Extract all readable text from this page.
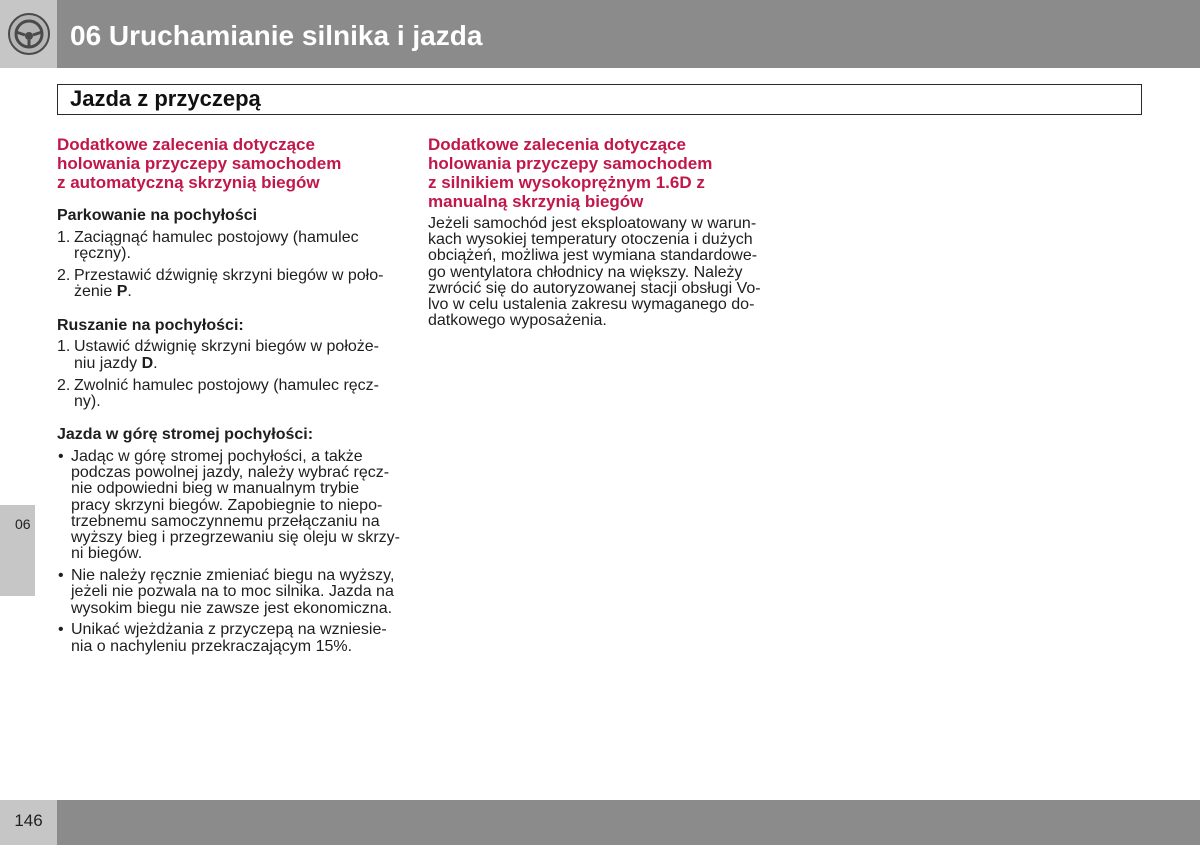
06 Uruchamianie silnika i jazda
Jazda z przyczepą
Dodatkowe zalecenia dotyczące
holowania przyczepy samochodem
z automatyczną skrzynią biegów
Parkowanie na pochyłości
1. Zaciągnąć hamulec postojowy (hamulec
ręczny).
2. Przestawić dźwignię skrzyni biegów w poło-
żenie P.
Ruszanie na pochyłości:
1. Ustawić dźwignię skrzyni biegów w położe-
niu jazdy D.
2. Zwolnić hamulec postojowy (hamulec ręcz-
ny).
Jazda w górę stromej pochyłości:
• Jadąc w górę stromej pochyłości, a także
podczas powolnej jazdy, należy wybrać ręcz-
nie odpowiedni bieg w manualnym trybie
pracy skrzyni biegów. Zapobiegnie to niepo-
trzebnemu samoczynnemu przełączaniu na
wyższy bieg i przegrzewaniu się oleju w skrzy-
ni biegów.
• Nie należy ręcznie zmieniać biegu na wyższy,
jeżeli nie pozwala na to moc silnika. Jazda na
wysokim biegu nie zawsze jest ekonomiczna.
• Unikać wjeżdżania z przyczepą na wzniesie-
nia o nachyleniu przekraczającym 15%.
Dodatkowe zalecenia dotyczące
holowania przyczepy samochodem
z silnikiem wysokoprężnym 1.6D z
manualną skrzynią biegów
Jeżeli samochód jest eksploatowany w warun-
kach wysokiej temperatury otoczenia i dużych
obciążeń, możliwa jest wymiana standardowe-
go wentylatora chłodnicy na większy. Należy
zwrócić się do autoryzowanej stacji obsługi Vo-
lvo w celu ustalenia zakresu wymaganego do-
datkowego wyposażenia.
06
146
